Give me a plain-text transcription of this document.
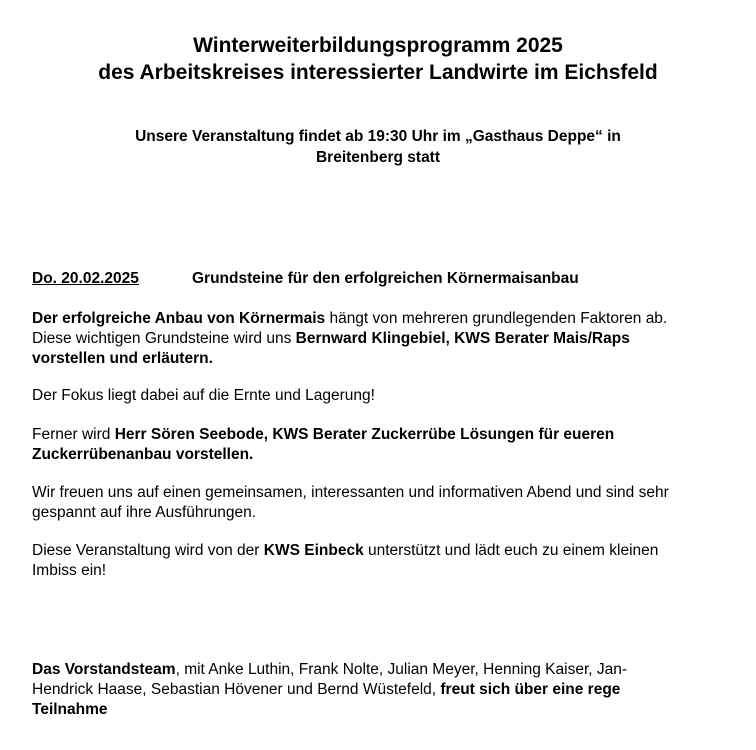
Winterweiterbildungsprogramm 2025
des Arbeitskreises interessierter Landwirte im Eichsfeld
Unsere Veranstaltung findet ab 19:30 Uhr im „Gasthaus Deppe“ in
Breitenberg statt
Do. 20.02.2025	Grundsteine für den erfolgreichen Körnermaisanbau
Der erfolgreiche Anbau von Körnermais hängt von mehreren grundlegenden Faktoren ab.
Diese wichtigen Grundsteine wird uns Bernward Klingebiel, KWS Berater Mais/Raps
vorstellen und erläutern.
Der Fokus liegt dabei auf die Ernte und Lagerung!
Ferner wird Herr Sören Seebode, KWS Berater Zuckerrübe Lösungen für eueren
Zuckerrübenanbau vorstellen.
Wir freuen uns auf einen gemeinsamen, interessanten und informativen Abend und sind sehr
gespannt auf ihre Ausführungen.
Diese Veranstaltung wird von der KWS Einbeck unterstützt und lädt euch zu einem kleinen
Imbiss ein!
Das Vorstandsteam, mit Anke Luthin, Frank Nolte, Julian Meyer, Henning Kaiser, Jan-
Hendrick Haase, Sebastian Hövener und Bernd Wüstefeld, freut sich über eine rege
Teilnahme
